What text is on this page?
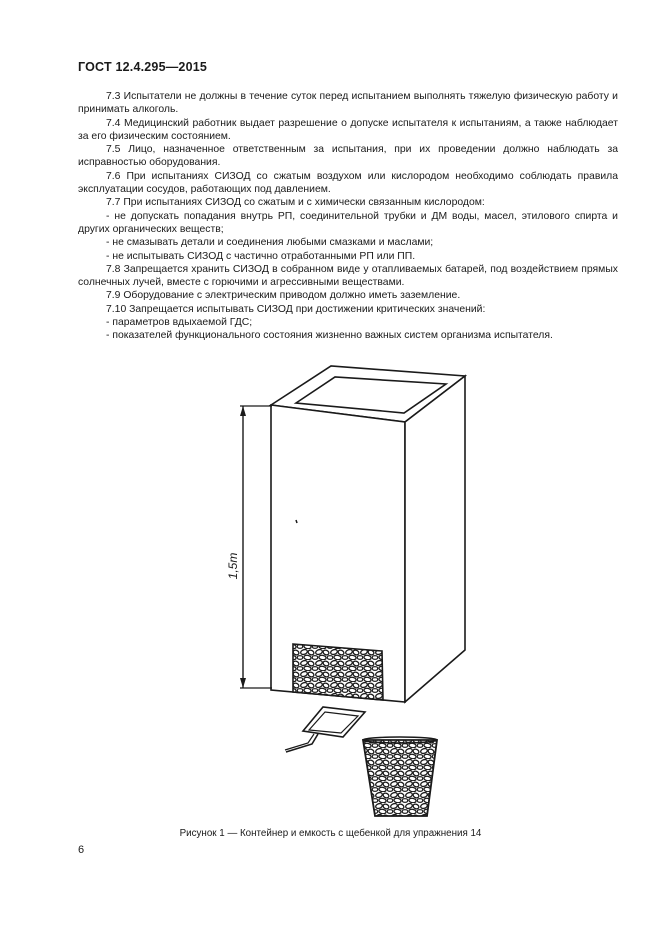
ГОСТ 12.4.295—2015

7.3 Испытатели не должны в течение суток перед испытанием выполнять тяжелую физическую работу и принимать алкоголь.

7.4 Медицинский работник выдает разрешение о допуске испытателя к испытаниям, а также наблюдает за его физическим состоянием.

7.5 Лицо, назначенное ответственным за испытания, при их проведении должно наблюдать за исправностью оборудования.

7.6 При испытаниях СИЗОД со сжатым воздухом или кислородом необходимо соблюдать правила эксплуатации сосудов, работающих под давлением.

7.7 При испытаниях СИЗОД со сжатым и с химически связанным кислородом:

- не допускать попадания внутрь РП, соединительной трубки и ДМ воды, масел, этилового спирта и других органических веществ;

- не смазывать детали и соединения любыми смазками и маслами;

- не испытывать СИЗОД с частично отработанными РП или ПП.

7.8 Запрещается хранить СИЗОД в собранном виде у отапливаемых батарей, под воздействием прямых солнечных лучей, вместе с горючими и агрессивными веществами.

7.9 Оборудование с электрическим приводом должно иметь заземление.

7.10 Запрещается испытывать СИЗОД при достижении критических значений:

- параметров вдыхаемой ГДС;

- показателей функционального состояния жизненно важных систем организма испытателя.

1,5m
Рисунок 1 — Контейнер и емкость с щебенкой для упражнения 14
6
